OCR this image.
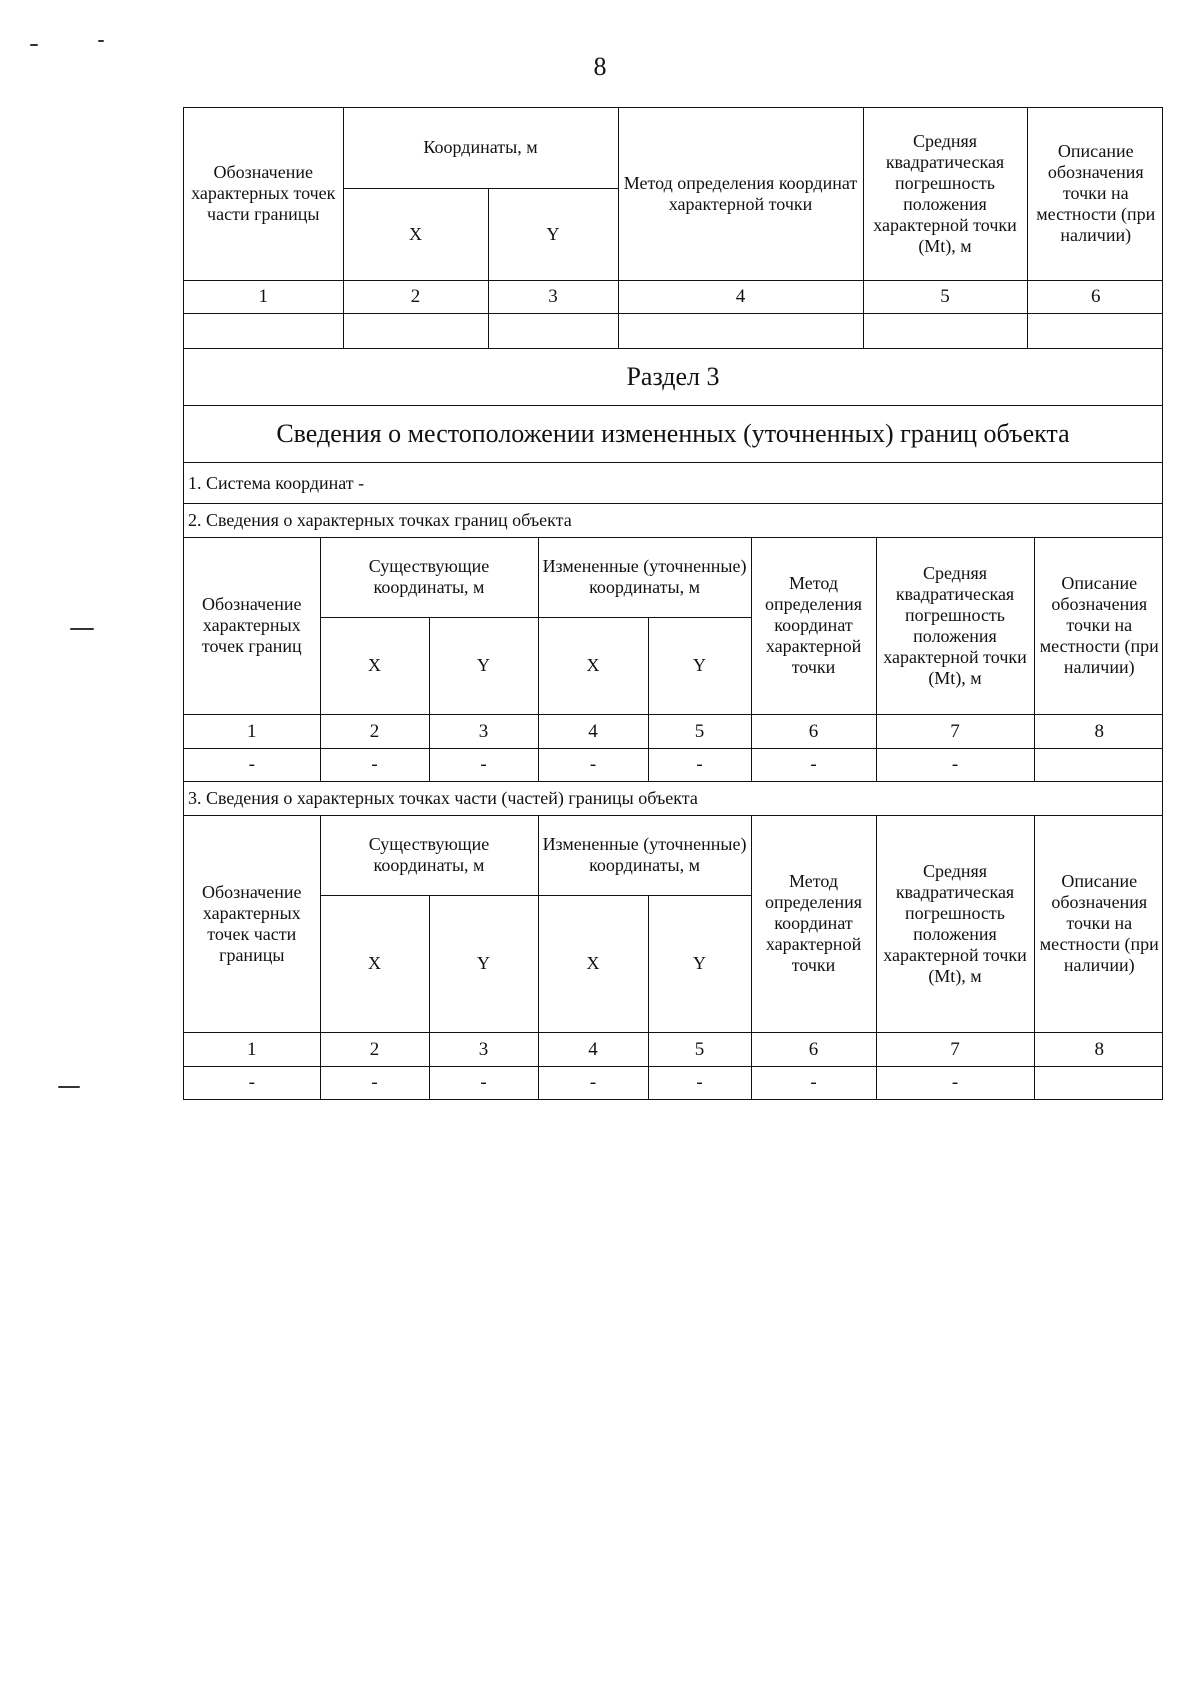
8
Обозначение характерных точек части границы	Координаты, м	Метод определения координат характерной точки	Средняя квадратическая погрешность положения характерной точки (Mt), м	Описание обозначения точки на местности (при наличии)
X	Y
1	2	3	4	5	6

Раздел 3
Сведения о местоположении измененных (уточненных) границ объекта
1. Система координат -
2. Сведения о характерных точках границ объекта

Обозначение характерных точек границ	Существующие координаты, м	Измененные (уточненные) координаты, м	Метод определения координат характерной точки	Средняя квадратическая погрешность положения характерной точки (Mt), м	Описание обозначения точки на местности (при наличии)
X	Y	X	Y
1	2	3	4	5	6	7	8
-	-	-	-	-	-	-	

3. Сведения о характерных точках части (частей) границы объекта

Обозначение характерных точек части границы	Существующие координаты, м	Измененные (уточненные) координаты, м	Метод определения координат характерной точки	Средняя квадратическая погрешность положения характерной точки (Mt), м	Описание обозначения точки на местности (при наличии)
X	Y	X	Y
1	2	3	4	5	6	7	8
-	-	-	-	-	-	-	
